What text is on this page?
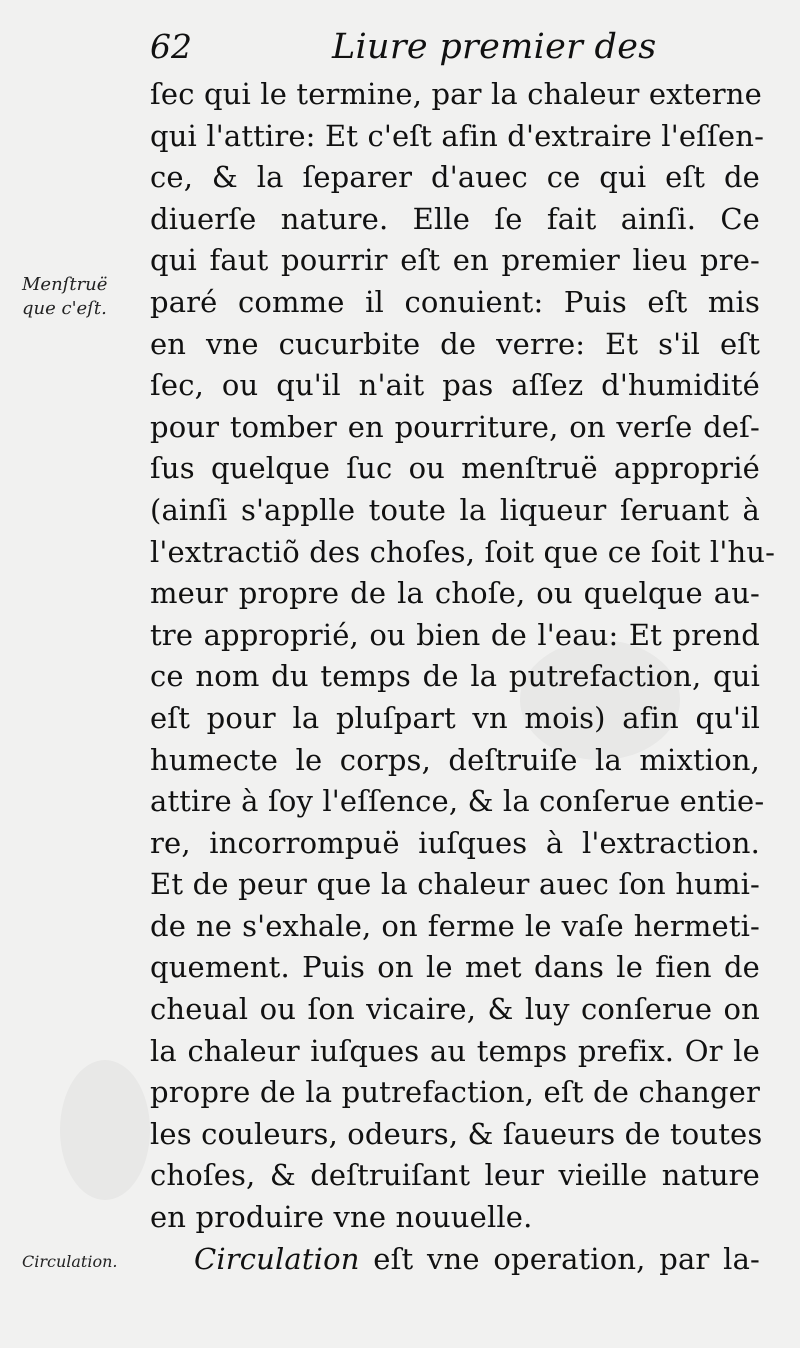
62	Liure premier des
Menſtruë que c'eſt.
Circulation.
ſec qui le termine, par la chaleur externe
qui l'attire: Et c'eſt afin d'extraire l'eſſen-
ce, & la ſeparer d'auec ce qui eſt de
diuerſe nature. Elle ſe fait ainſi. Ce
qui faut pourrir eſt en premier lieu pre-
paré comme il conuient: Puis eſt mis
en vne cucurbite de verre: Et s'il eſt
ſec, ou qu'il n'ait pas aſſez d'humidité
pour tomber en pourriture, on verſe deſ-
ſus quelque ſuc ou menſtruë approprié
(ainſi s'applle toute la liqueur ſeruant à
l'extractiõ des choſes, ſoit que ce ſoit l'hu-
meur propre de la choſe, ou quelque au-
tre approprié, ou bien de l'eau: Et prend
ce nom du temps de la putrefaction, qui
eſt pour la pluſpart vn mois) afin qu'il
humecte le corps, deſtruiſe la mixtion,
attire à ſoy l'eſſence, & la conſerue entie-
re, incorrompuë iuſques à l'extraction.
Et de peur que la chaleur auec ſon humi-
de ne s'exhale, on ferme le vaſe hermeti-
quement. Puis on le met dans le fien de
cheual ou ſon vicaire, & luy conſerue on
la chaleur iuſques au temps prefix. Or le
propre de la putrefaction, eſt de changer
les couleurs, odeurs, & ſaueurs de toutes
choſes, & deſtruiſant leur vieille nature
en produire vne nouuelle.
Circulation eſt vne operation, par la-
